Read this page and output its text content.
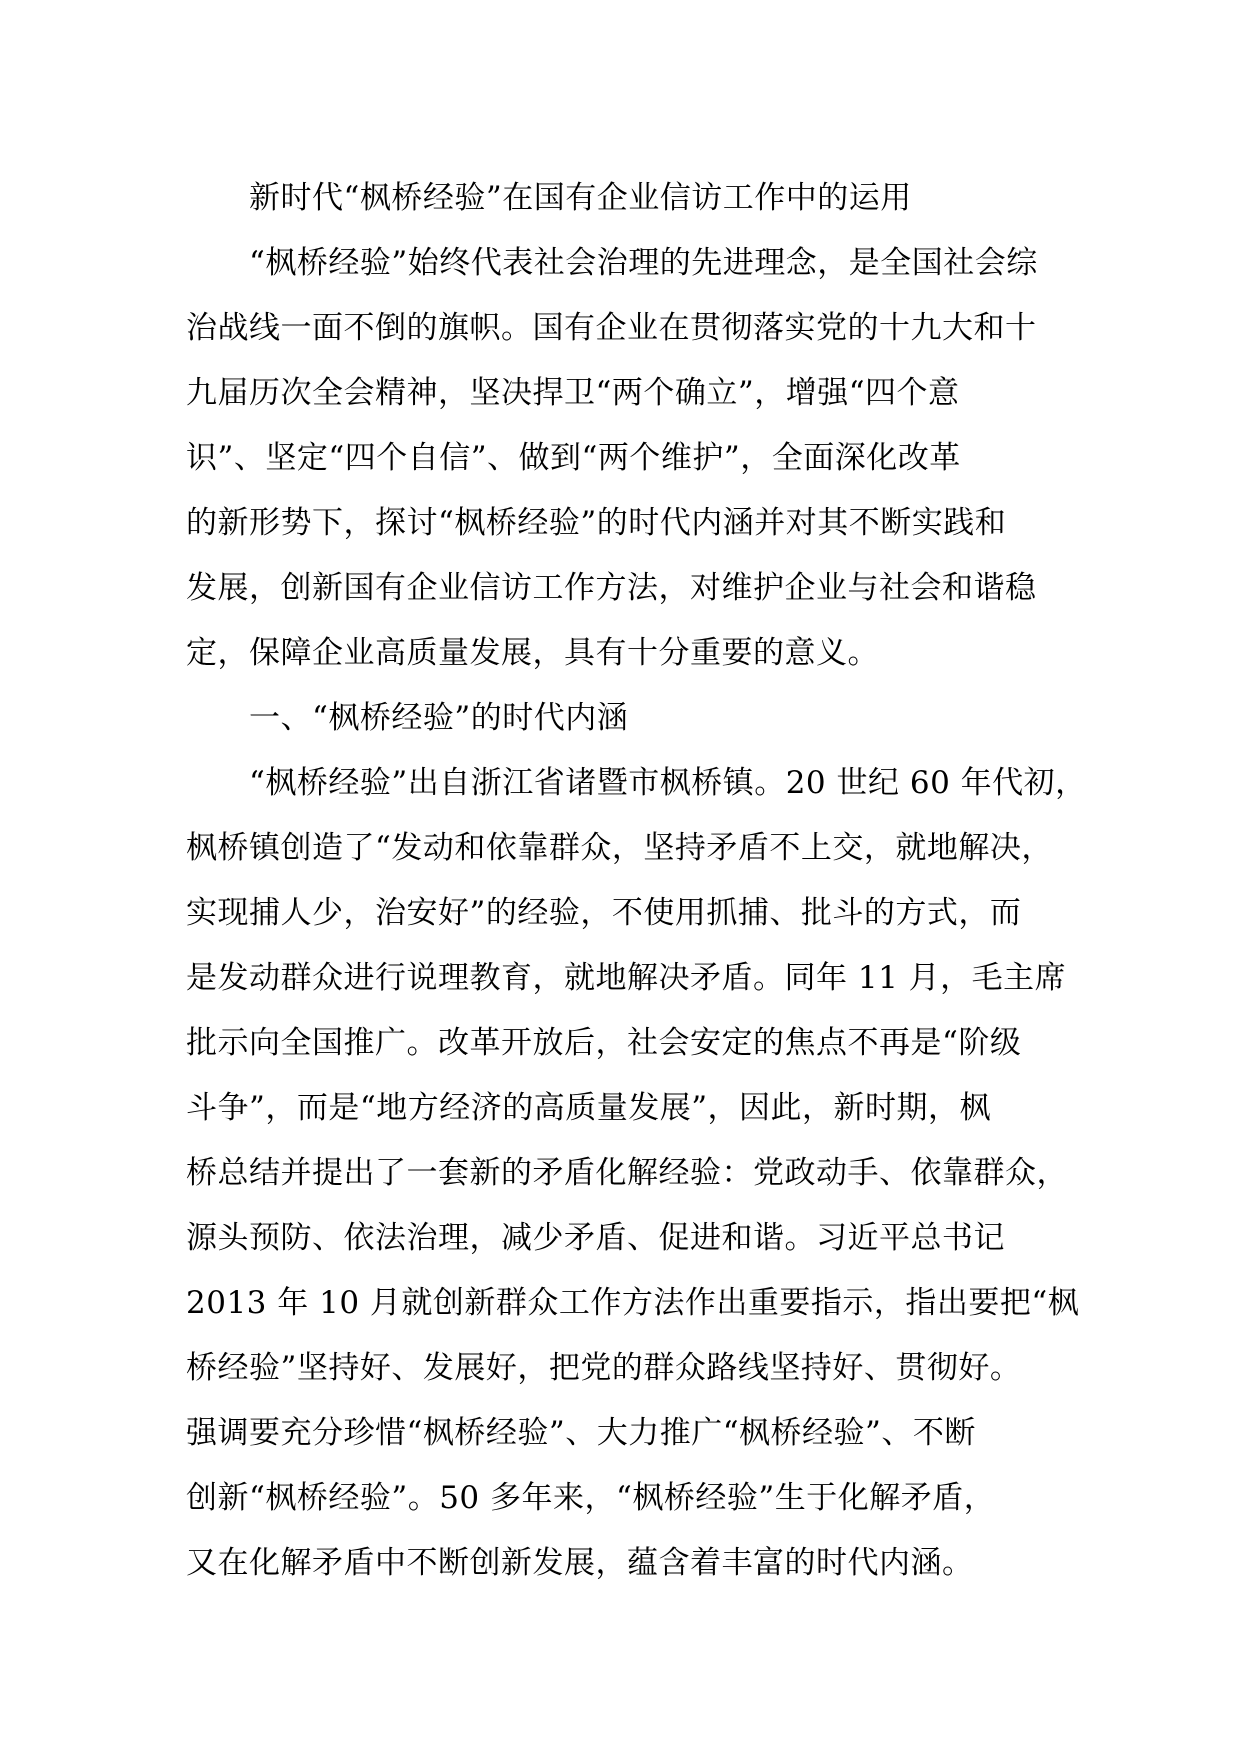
新时代“枫桥经验”在国有企业信访工作中的运用
“枫桥经验”始终代表社会治理的先进理念，是全国社会综
治战线一面不倒的旗帜。国有企业在贯彻落实党的十九大和十
九届历次全会精神，坚决捍卫“两个确立”，增强“四个意
识”、坚定“四个自信”、做到“两个维护”，全面深化改革
的新形势下，探讨“枫桥经验”的时代内涵并对其不断实践和
发展，创新国有企业信访工作方法，对维护企业与社会和谐稳
定，保障企业高质量发展，具有十分重要的意义。
一、“枫桥经验”的时代内涵
“枫桥经验”出自浙江省诸暨市枫桥镇。20 世纪 60 年代初，
枫桥镇创造了“发动和依靠群众，坚持矛盾不上交，就地解决，
实现捕人少，治安好”的经验，不使用抓捕、批斗的方式，而
是发动群众进行说理教育，就地解决矛盾。同年 11 月，毛主席
批示向全国推广。改革开放后，社会安定的焦点不再是“阶级
斗争”，而是“地方经济的高质量发展”，因此，新时期，枫
桥总结并提出了一套新的矛盾化解经验：党政动手、依靠群众，
源头预防、依法治理，减少矛盾、促进和谐。习近平总书记
2013 年 10 月就创新群众工作方法作出重要指示，指出要把“枫
桥经验”坚持好、发展好，把党的群众路线坚持好、贯彻好。
强调要充分珍惜“枫桥经验”、大力推广“枫桥经验”、不断
创新“枫桥经验”。50 多年来，“枫桥经验”生于化解矛盾，
又在化解矛盾中不断创新发展，蕴含着丰富的时代内涵。
